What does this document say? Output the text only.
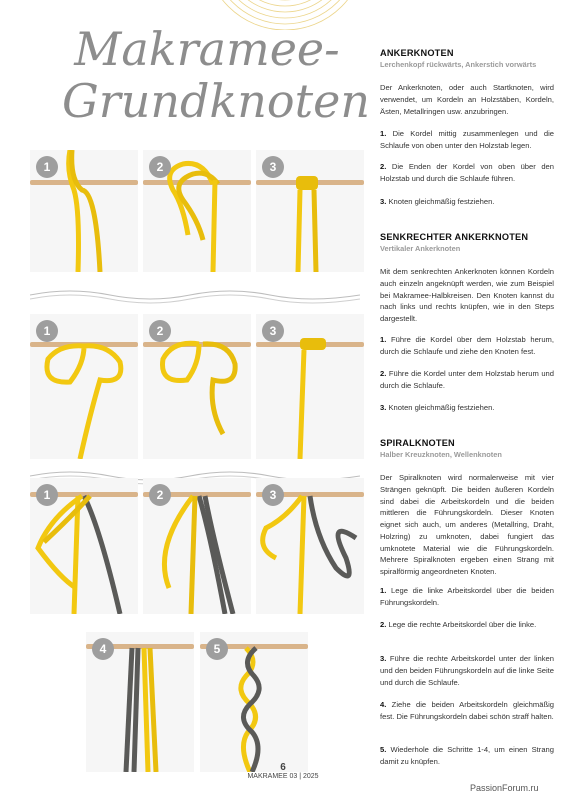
Makramee-
Grundknoten
1	2	3
1	2	3
1	2	3
4	5
ANKERKNOTEN
Lerchenkopf rückwärts, Ankerstich vorwärts
Der Ankerknoten, oder auch Startknoten, wird verwendet, um Kordeln an Holzstäben, Kordeln, Ästen, Metallringen usw. anzubringen.
1. Die Kordel mittig zusammenlegen und die Schlaufe von oben unter den Holzstab legen.
2. Die Enden der Kordel von oben über den Holzstab und durch die Schlaufe führen.
3. Knoten gleichmäßig festziehen.
SENKRECHTER ANKERKNOTEN
Vertikaler Ankerknoten
Mit dem senkrechten Ankerknoten können Kordeln auch einzeln angeknüpft werden, wie zum Beispiel bei Makramee-Halbkreisen. Den Knoten kannst du nach links und rechts knüpfen, wie in den Steps dargestellt.
1. Führe die Kordel über dem Holzstab herum, durch die Schlaufe und ziehe den Knoten fest.
2. Führe die Kordel unter dem Holzstab herum und durch die Schlaufe.
3. Knoten gleichmäßig festziehen.
SPIRALKNOTEN
Halber Kreuzknoten, Wellenknoten
Der Spiralknoten wird normalerweise mit vier Strängen geknüpft. Die beiden äußeren Kordeln sind dabei die Arbeitskordeln und die beiden mittleren die Führungskordeln. Dieser Knoten eignet sich auch, um anderes (Metallring, Draht, Holzring) zu umknoten, dabei fungiert das umknotete Material wie die Führungskordeln. Mehrere Spiralknoten ergeben einen Strang mit spiralförmig angeordneten Knoten.
1. Lege die linke Arbeitskordel über die beiden Führungskordeln.
2. Lege die rechte Arbeitskordel über die linke.
3. Führe die rechte Arbeitskordel unter der linken und den beiden Führungskordeln auf die linke Seite und durch die Schlaufe.
4. Ziehe die beiden Arbeitskordeln gleichmäßig fest. Die Führungskordeln dabei schön straff halten.
5. Wiederhole die Schritte 1-4, um einen Strang damit zu knüpfen.
6
MAKRAMEE 03 | 2025
PassionForum.ru
